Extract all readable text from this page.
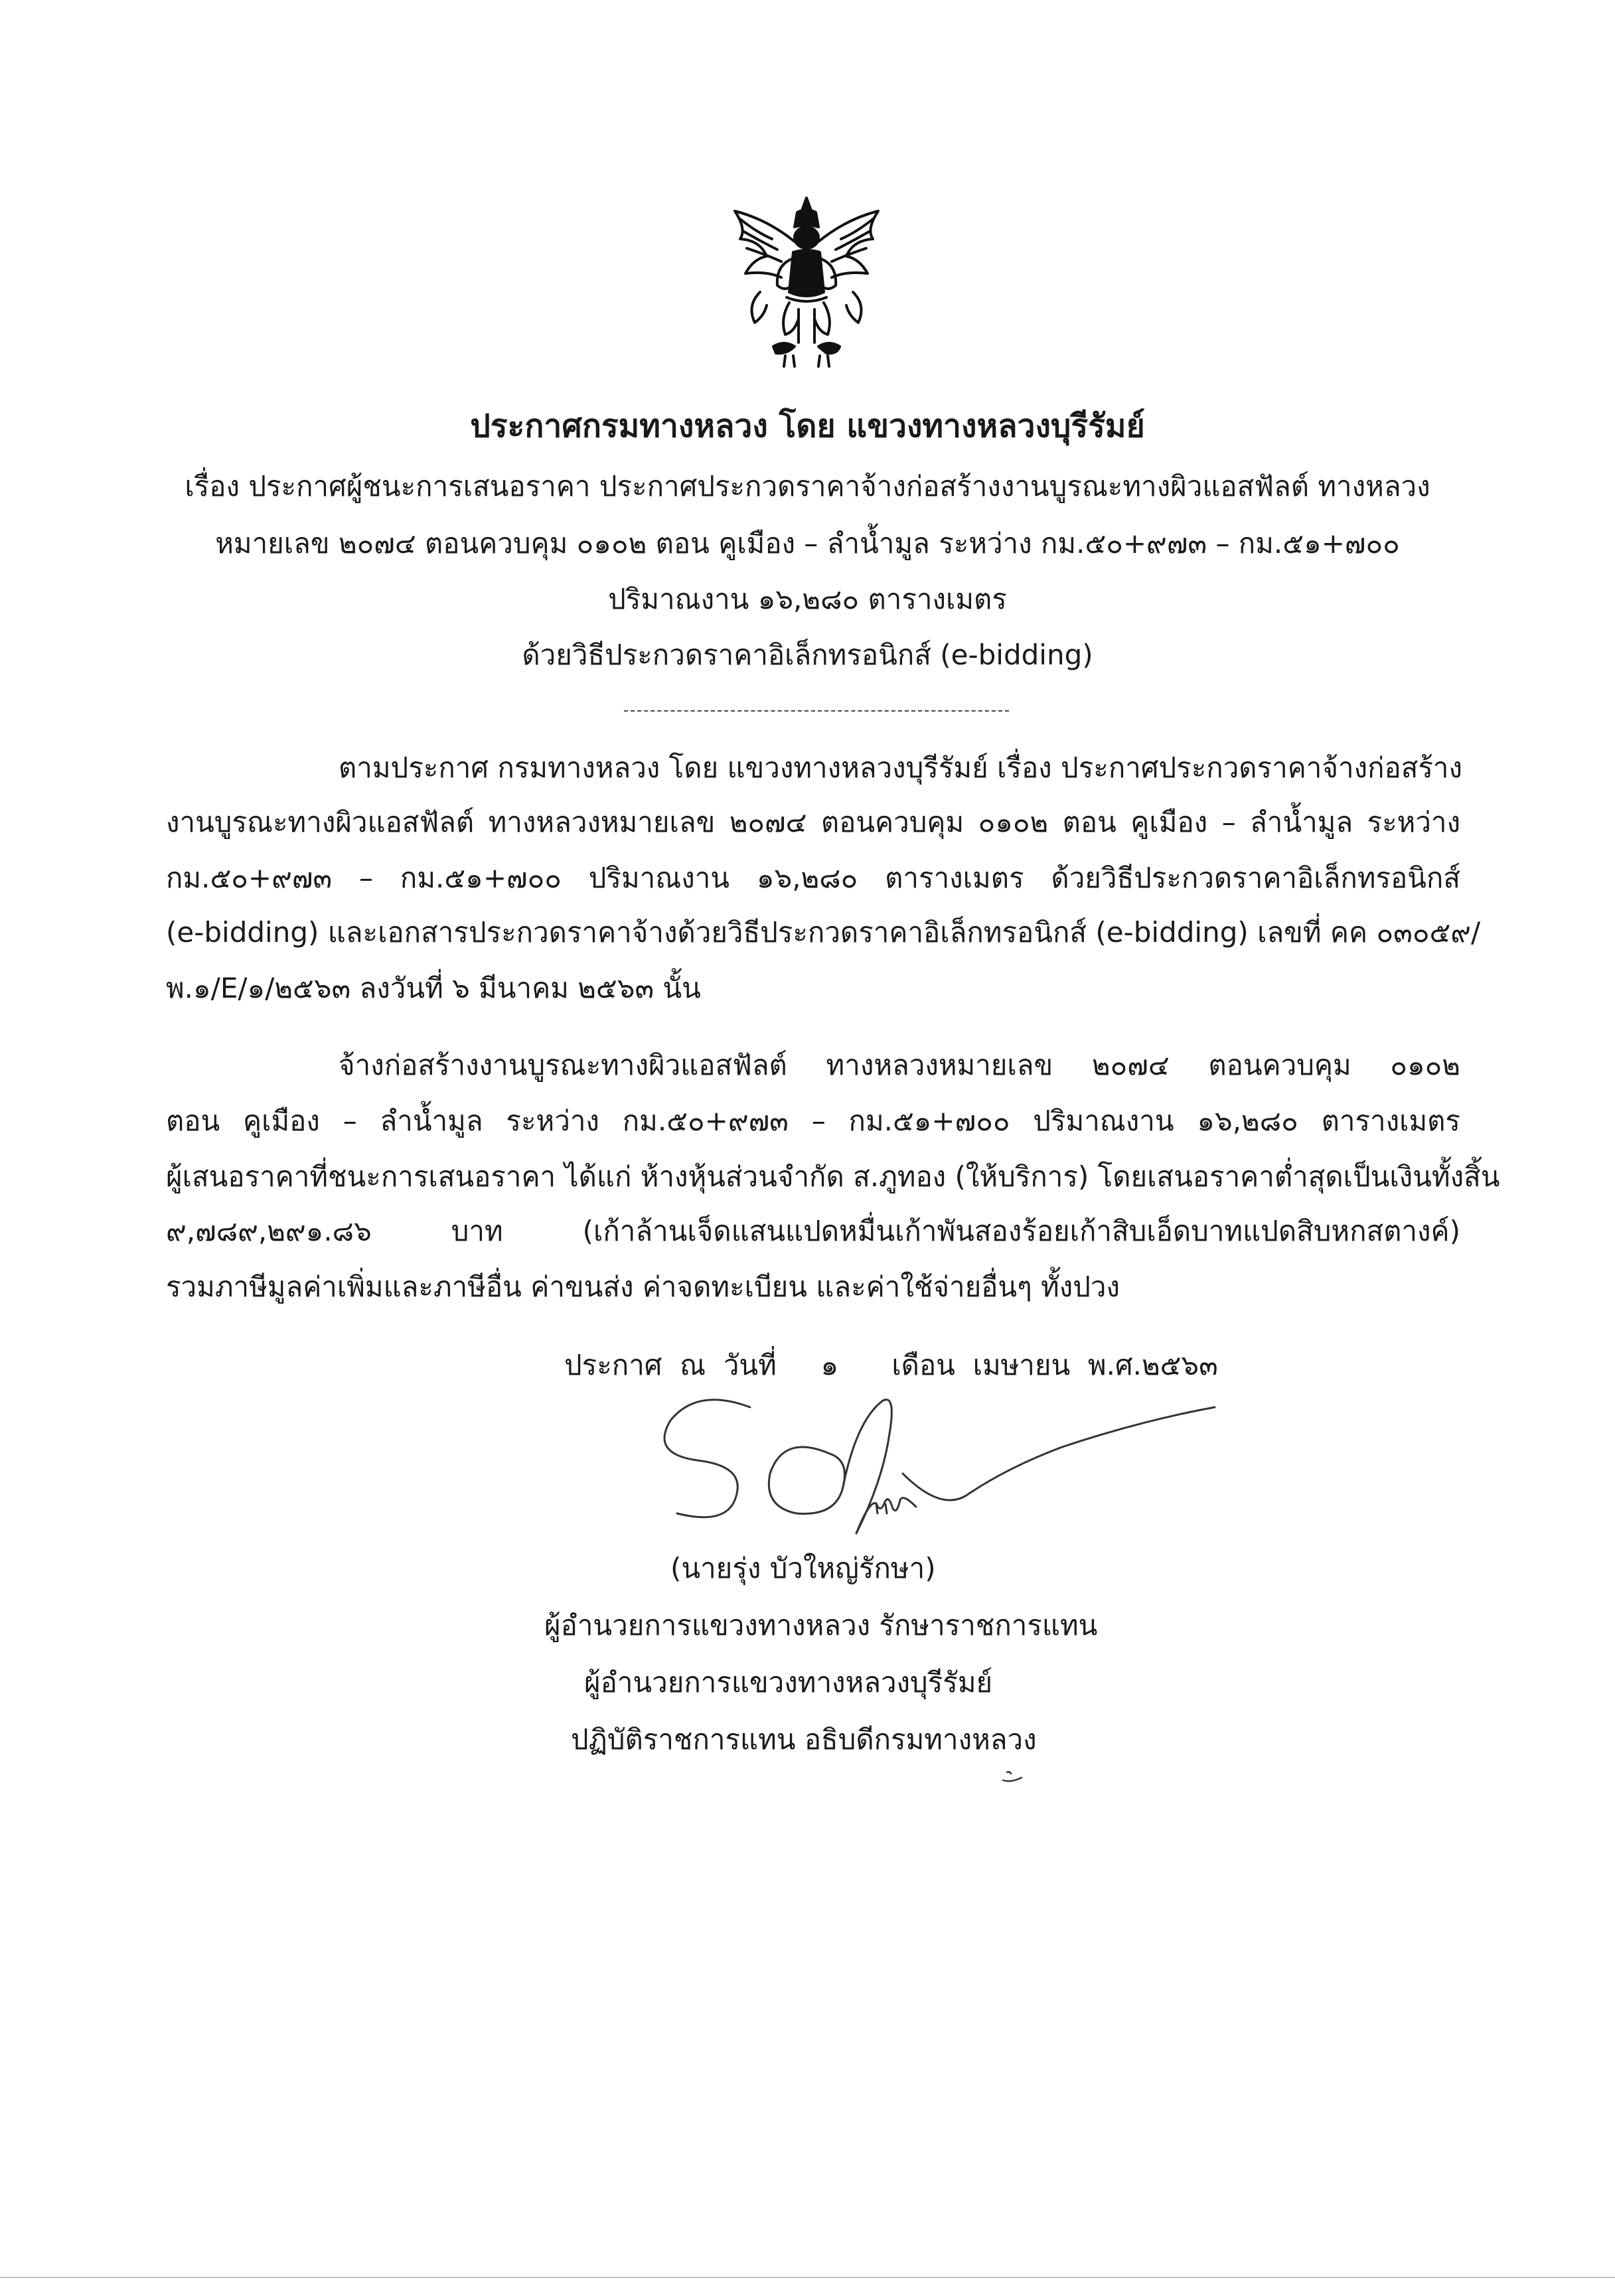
ประกาศกรมทางหลวง โดย แขวงทางหลวงบุรีรัมย์
เรื่อง ประกาศผู้ชนะการเสนอราคา ประกาศประกวดราคาจ้างก่อสร้างงานบูรณะทางผิวแอสฟัลต์ ทางหลวง
หมายเลข ๒๐๗๔ ตอนควบคุม ๐๑๐๒ ตอน คูเมือง – ลำน้ำมูล ระหว่าง กม.๕๐+๙๗๓ – กม.๕๑+๗๐๐
ปริมาณงาน ๑๖,๒๘๐ ตารางเมตร
ด้วยวิธีประกวดราคาอิเล็กทรอนิกส์ (e-bidding)
ตามประกาศ กรมทางหลวง โดย แขวงทางหลวงบุรีรัมย์ เรื่อง ประกาศประกวดราคาจ้างก่อสร้าง
งานบูรณะทางผิวแอสฟัลต์ ทางหลวงหมายเลข ๒๐๗๔ ตอนควบคุม ๐๑๐๒ ตอน คูเมือง – ลำน้ำมูล ระหว่าง
กม.๕๐+๙๗๓ – กม.๕๑+๗๐๐ ปริมาณงาน ๑๖,๒๘๐ ตารางเมตร ด้วยวิธีประกวดราคาอิเล็กทรอนิกส์
(e-bidding) และเอกสารประกวดราคาจ้างด้วยวิธีประกวดราคาอิเล็กทรอนิกส์ (e-bidding) เลขที่ คค ๐๓๐๕๙/
พ.๑/E/๑/๒๕๖๓ ลงวันที่ ๖ มีนาคม ๒๕๖๓ นั้น
จ้างก่อสร้างงานบูรณะทางผิวแอสฟัลต์ ทางหลวงหมายเลข ๒๐๗๔ ตอนควบคุม ๐๑๐๒
ตอน คูเมือง – ลำน้ำมูล ระหว่าง กม.๕๐+๙๗๓ – กม.๕๑+๗๐๐ ปริมาณงาน ๑๖,๒๘๐ ตารางเมตร
ผู้เสนอราคาที่ชนะการเสนอราคา ได้แก่ ห้างหุ้นส่วนจำกัด ส.ภูทอง (ให้บริการ) โดยเสนอราคาต่ำสุดเป็นเงินทั้งสิ้น
๙,๗๘๙,๒๙๑.๘๖ บาท (เก้าล้านเจ็ดแสนแปดหมื่นเก้าพันสองร้อยเก้าสิบเอ็ดบาทแปดสิบหกสตางค์)
รวมภาษีมูลค่าเพิ่มและภาษีอื่น ค่าขนส่ง ค่าจดทะเบียน และค่าใช้จ่ายอื่นๆ ทั้งปวง
ประกาศ  ณ  วันที่     ๑      เดือน  เมษายน  พ.ศ.๒๕๖๓
(นายรุ่ง บัวใหญ่รักษา)
ผู้อำนวยการแขวงทางหลวง รักษาราชการแทน
ผู้อำนวยการแขวงทางหลวงบุรีรัมย์
ปฏิบัติราชการแทน อธิบดีกรมทางหลวง
